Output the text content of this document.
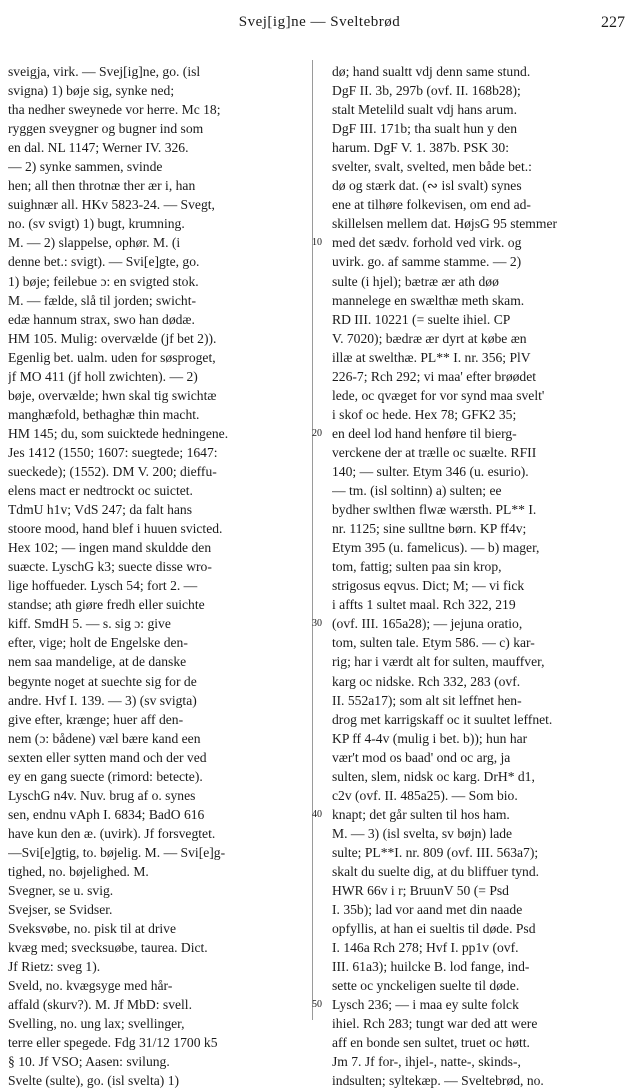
Svej[ig]ne — Sveltebrød	227
sveigja, virk. — Svej[ig]ne, go. (isl
svigna) 1) bøje sig, synke ned;
tha nedher sweynede vor herre. Mc 18;
ryggen sveygner og bugner ind som
en dal. NL 1147; Werner IV. 326.
— 2) synke sammen, svinde
hen; all then throtnæ ther ær i, han
suighnær all. HKv 5823-24. — Svegt,
no. (sv svigt) 1) bugt, krumning.
M. — 2) slappelse, ophør. M. (i
denne bet.: svigt). — Svi[e]gte, go.
1) bøje; feilebue ɔ: en svigted stok.
M. — fælde, slå til jorden; swicht-
edæ hannum strax, swo han dødæ.
HM 105. Mulig: overvælde (jf bet 2)).
Egenlig bet. ualm. uden for søsproget,
jf MO 411 (jf holl zwichten). — 2)
bøje, overvælde; hwn skal tig swichtæ
manghæfold, bethaghæ thin macht.
HM 145; du, som suicktede hedningene.
Jes 1412 (1550; 1607: suegtede; 1647:
sueckede); (1552). DM V. 200; dieffu-
elens mact er nedtrockt oc suictet.
TdmU h1v; VdS 247; da falt hans
stoore mood, hand blef i huuen svicted.
Hex 102; — ingen mand skuldde den
suæcte. LyschG k3; suecte disse wro-
lige hoffueder. Lysch 54; fort 2. —
standse; ath giøre fredh eller suichte
kiff. SmdH 5. — s. sig ɔ: give
efter, vige; holt de Engelske den-
nem saa mandelige, at de danske
begynte noget at suechte sig for de
andre. Hvf I. 139. — 3) (sv svigta)
give efter, krænge; huer aff den-
nem (ɔ: bådene) væl bære kand een
sexten eller sytten mand och der ved
ey en gang suecte (rimord: betecte).
LyschG n4v. Nuv. brug af o. synes
sen, endnu vAph I. 6834; BadO 616
have kun den æ. (uvirk). Jf forsvegtet.
—Svi[e]gtig, to. bøjelig. M. — Svi[e]g-
tighed, no. bøjelighed. M.
Svegner, se u. svig.
Svejser, se Svidser.
Sveksvøbe, no. pisk til at drive
kvæg med; svecksuøbe, taurea. Dict.
Jf Rietz: sveg 1).
Sveld, no. kvægsyge med hår-
affald (skurv?). M. Jf MbD: svell.
Svelling, no. ung lax; svellinger,
terre eller spegede. Fdg 31/12 1700 k5
§ 10. Jf VSO; Aasen: svilung.
Svelte (sulte), go. (isl svelta) 1)
dø; hand sualtt vdj denn same stund.
DgF II. 3b, 297b (ovf. II. 168b28);
stalt Metelild sualt vdj hans arum.
DgF III. 171b; tha sualt hun y den
harum. DgF V. 1. 387b. PSK 30:
svelter, svalt, svelted, men både bet.:
dø og stærk dat. (∾ isl svalt) synes
ene at tilhøre folkevisen, om end ad-
skillelsen mellem dat. HøjsG 95 stemmer
med det sædv. forhold ved virk. og
uvirk. go. af samme stamme. — 2)
sulte (i hjel); bætræ ær ath døø
mannelege en swælthæ meth skam.
RD III. 10221 (= suelte ihiel. CP
V. 7020); bædræ ær dyrt at købe æn
illæ at swelthæ. PL** I. nr. 356; PlV
226-7; Rch 292; vi maa' efter brøødet
lede, oc qvæget for vor synd maa svelt'
i skof oc hede. Hex 78; GFK2 35;
en deel lod hand henføre til bierg-
verckene der at trælle oc suælte. RFII
140; — sulter. Etym 346 (u. esurio).
— tm. (isl soltinn) a) sulten; ee
bydher swlthen flwæ wærsth. PL** I.
nr. 1125; sine sulltne børn. KP ff4v;
Etym 395 (u. famelicus). — b) mager,
tom, fattig; sulten paa sin krop,
strigosus eqvus. Dict; M; — vi fick
i affts 1 sultet maal. Rch 322, 219
(ovf. III. 165a28); — jejuna oratio,
tom, sulten tale. Etym 586. — c) kar-
rig; har i værdt alt for sulten, mauffver,
karg oc nidske. Rch 332, 283 (ovf.
II. 552a17); som alt sit leffnet hen-
drog met karrigskaff oc it suultet leffnet.
KP ff 4-4v (mulig i bet. b)); hun har
vær't mod os baad' ond oc arg, ja
sulten, slem, nidsk oc karg. DrH* d1,
c2v (ovf. II. 485a25). — Som bio.
knapt; det går sulten til hos ham.
M. — 3) (isl svelta, sv bøjn) lade
sulte; PL**I. nr. 809 (ovf. III. 563a7);
skalt du suelte dig, at du bliffuer tynd.
HWR 66v i r; BruunV 50 (= Psd
I. 35b); lad vor aand met din naade
opfyllis, at han ei sueltis til døde. Psd
I. 146a Rch 278; Hvf I. pp1v (ovf.
III. 61a3); huilcke B. lod fange, ind-
sette oc ynckeligen suelte til døde.
Lysch 236; — i maa ey sulte folck
ihiel. Rch 283; tungt war ded att were
aff en bonde sen sultet, truet oc høtt.
Jm 7. Jf for-, ihjel-, natte-, skinds-,
indsulten; syltekæp. — Sveltebrød, no.
10
20
30
40
50
